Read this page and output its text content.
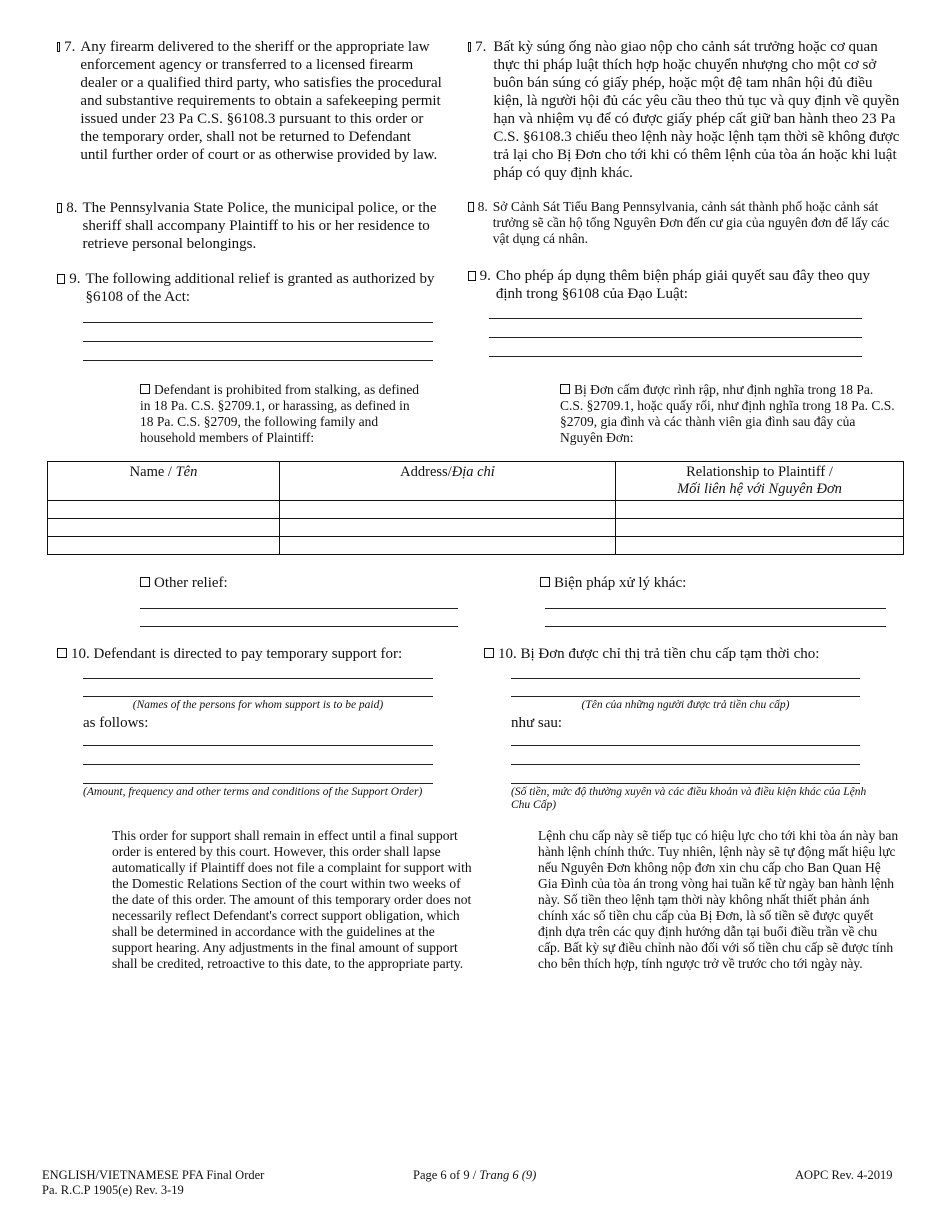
7. Any firearm delivered to the sheriff or the appropriate law enforcement agency or transferred to a licensed firearm dealer or a qualified third party, who satisfies the procedural and substantive requirements to obtain a safekeeping permit issued under 23 Pa C.S. §6108.3 pursuant to this order or the temporary order, shall not be returned to Defendant until further order of court or as otherwise provided by law.
8. The Pennsylvania State Police, the municipal police, or the sheriff shall accompany Plaintiff to his or her residence to retrieve personal belongings.
9. The following additional relief is granted as authorized by §6108 of the Act:
Defendant is prohibited from stalking, as defined in 18 Pa. C.S. §2709.1, or harassing, as defined in 18 Pa. C.S. §2709, the following family and household members of Plaintiff:
7. Bất kỳ súng ống nào giao nộp cho cảnh sát trưởng hoặc cơ quan thực thi pháp luật thích hợp hoặc chuyển nhượng cho một cơ sở buôn bán súng có giấy phép, hoặc một đệ tam nhân hội đủ điều kiện, là người hội đủ các yêu cầu theo thủ tục và quy định về quyền hạn và nhiệm vụ để có được giấy phép cất giữ ban hành theo 23 Pa C.S. §6108.3 chiếu theo lệnh này hoặc lệnh tạm thời sẽ không được trả lại cho Bị Đơn cho tới khi có thêm lệnh của tòa án hoặc khi luật pháp có quy định khác.
8. Sở Cảnh Sát Tiểu Bang Pennsylvania, cảnh sát thành phố hoặc cảnh sát trưởng sẽ cần hộ tống Nguyên Đơn đến cư gia của nguyên đơn để lấy các vật dụng cá nhân.
9. Cho phép áp dụng thêm biện pháp giải quyết sau đây theo quy định trong §6108 của Đạo Luật:
Bị Đơn cấm được rình rập, như định nghĩa trong 18 Pa. C.S. §2709.1, hoặc quấy rối, như định nghĩa trong 18 Pa. C.S. §2709, gia đình và các thành viên gia đình sau đây của Nguyên Đơn:
Name / Tên	Address/Địa chỉ	Relationship to Plaintiff /
Mối liên hệ với Nguyên Đơn

Other relief:	Biện pháp xử lý khác:
10. Defendant is directed to pay temporary support for:
(Names of the persons for whom support is to be paid)
as follows:
(Amount, frequency and other terms and conditions of the Support Order)
10. Bị Đơn được chỉ thị trả tiền chu cấp tạm thời cho:
(Tên của những người được trả tiền chu cấp)
như sau:
(Số tiền, mức độ thường xuyên và các điều khoản và điều kiện khác của Lệnh Chu Cấp)
This order for support shall remain in effect until a final support order is entered by this court. However, this order shall lapse automatically if Plaintiff does not file a complaint for support with the Domestic Relations Section of the court within two weeks of the date of this order. The amount of this temporary order does not necessarily reflect Defendant's correct support obligation, which shall be determined in accordance with the guidelines at the support hearing. Any adjustments in the final amount of support shall be credited, retroactive to this date, to the appropriate party.
Lệnh chu cấp này sẽ tiếp tục có hiệu lực cho tới khi tòa án này ban hành lệnh chính thức. Tuy nhiên, lệnh này sẽ tự động mất hiệu lực nếu Nguyên Đơn không nộp đơn xin chu cấp cho Ban Quan Hệ Gia Đình của tòa án trong vòng hai tuần kể từ ngày ban hành lệnh này. Số tiền theo lệnh tạm thời này không nhất thiết phản ánh chính xác số tiền chu cấp của Bị Đơn, là số tiền sẽ được quyết định dựa trên các quy định hướng dẫn tại buổi điều trần về chu cấp. Bất kỳ sự điều chỉnh nào đối với số tiền chu cấp sẽ được tính cho bên thích hợp, tính ngược trở về trước cho tới ngày này.
ENGLISH/VIETNAMESE PFA Final Order
Pa. R.C.P 1905(e) Rev. 3-19
Page 6 of 9 / Trang 6 (9)	AOPC Rev. 4-2019
